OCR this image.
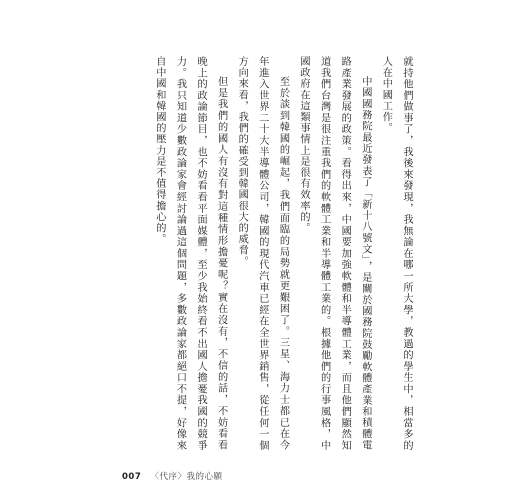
就持他們做事了，我後來發現，我無論在哪一所大學，教過的學生中，相當多的人在中國工作。

中國國務院最近發表了「新十八號文」，是關於國務院鼓勵軟體產業和積體電路產業發展的政策。看得出來，中國要加強軟體和半導體工業，而且他們顯然知道我們台灣是很注重我們的軟體工業和半導體工業的。根據他們的行事風格，中國政府在這類事情上是很有效率的。

至於談到韓國的崛起，我們面臨的局勢就更艱困了。三星、海力士都已在今年進入世界二十大半導體公司，韓國的現代汽車已經在全世界銷售，從任何一個方向來看，我們的確受到韓國很大的威脅。

但是我們的國人有沒有對這種情形擔憂呢？實在沒有，不信的話，不妨看看晚上的政論節目，也不妨看看平面媒體，至少我始終看不出國人擔憂我國的競爭力。我只知道少數政論家會經討論過這個問題，多數政論家都絕口不提，好像來自中國和韓國的壓力是不值得擔心的。

007 〈代序〉我的心願
